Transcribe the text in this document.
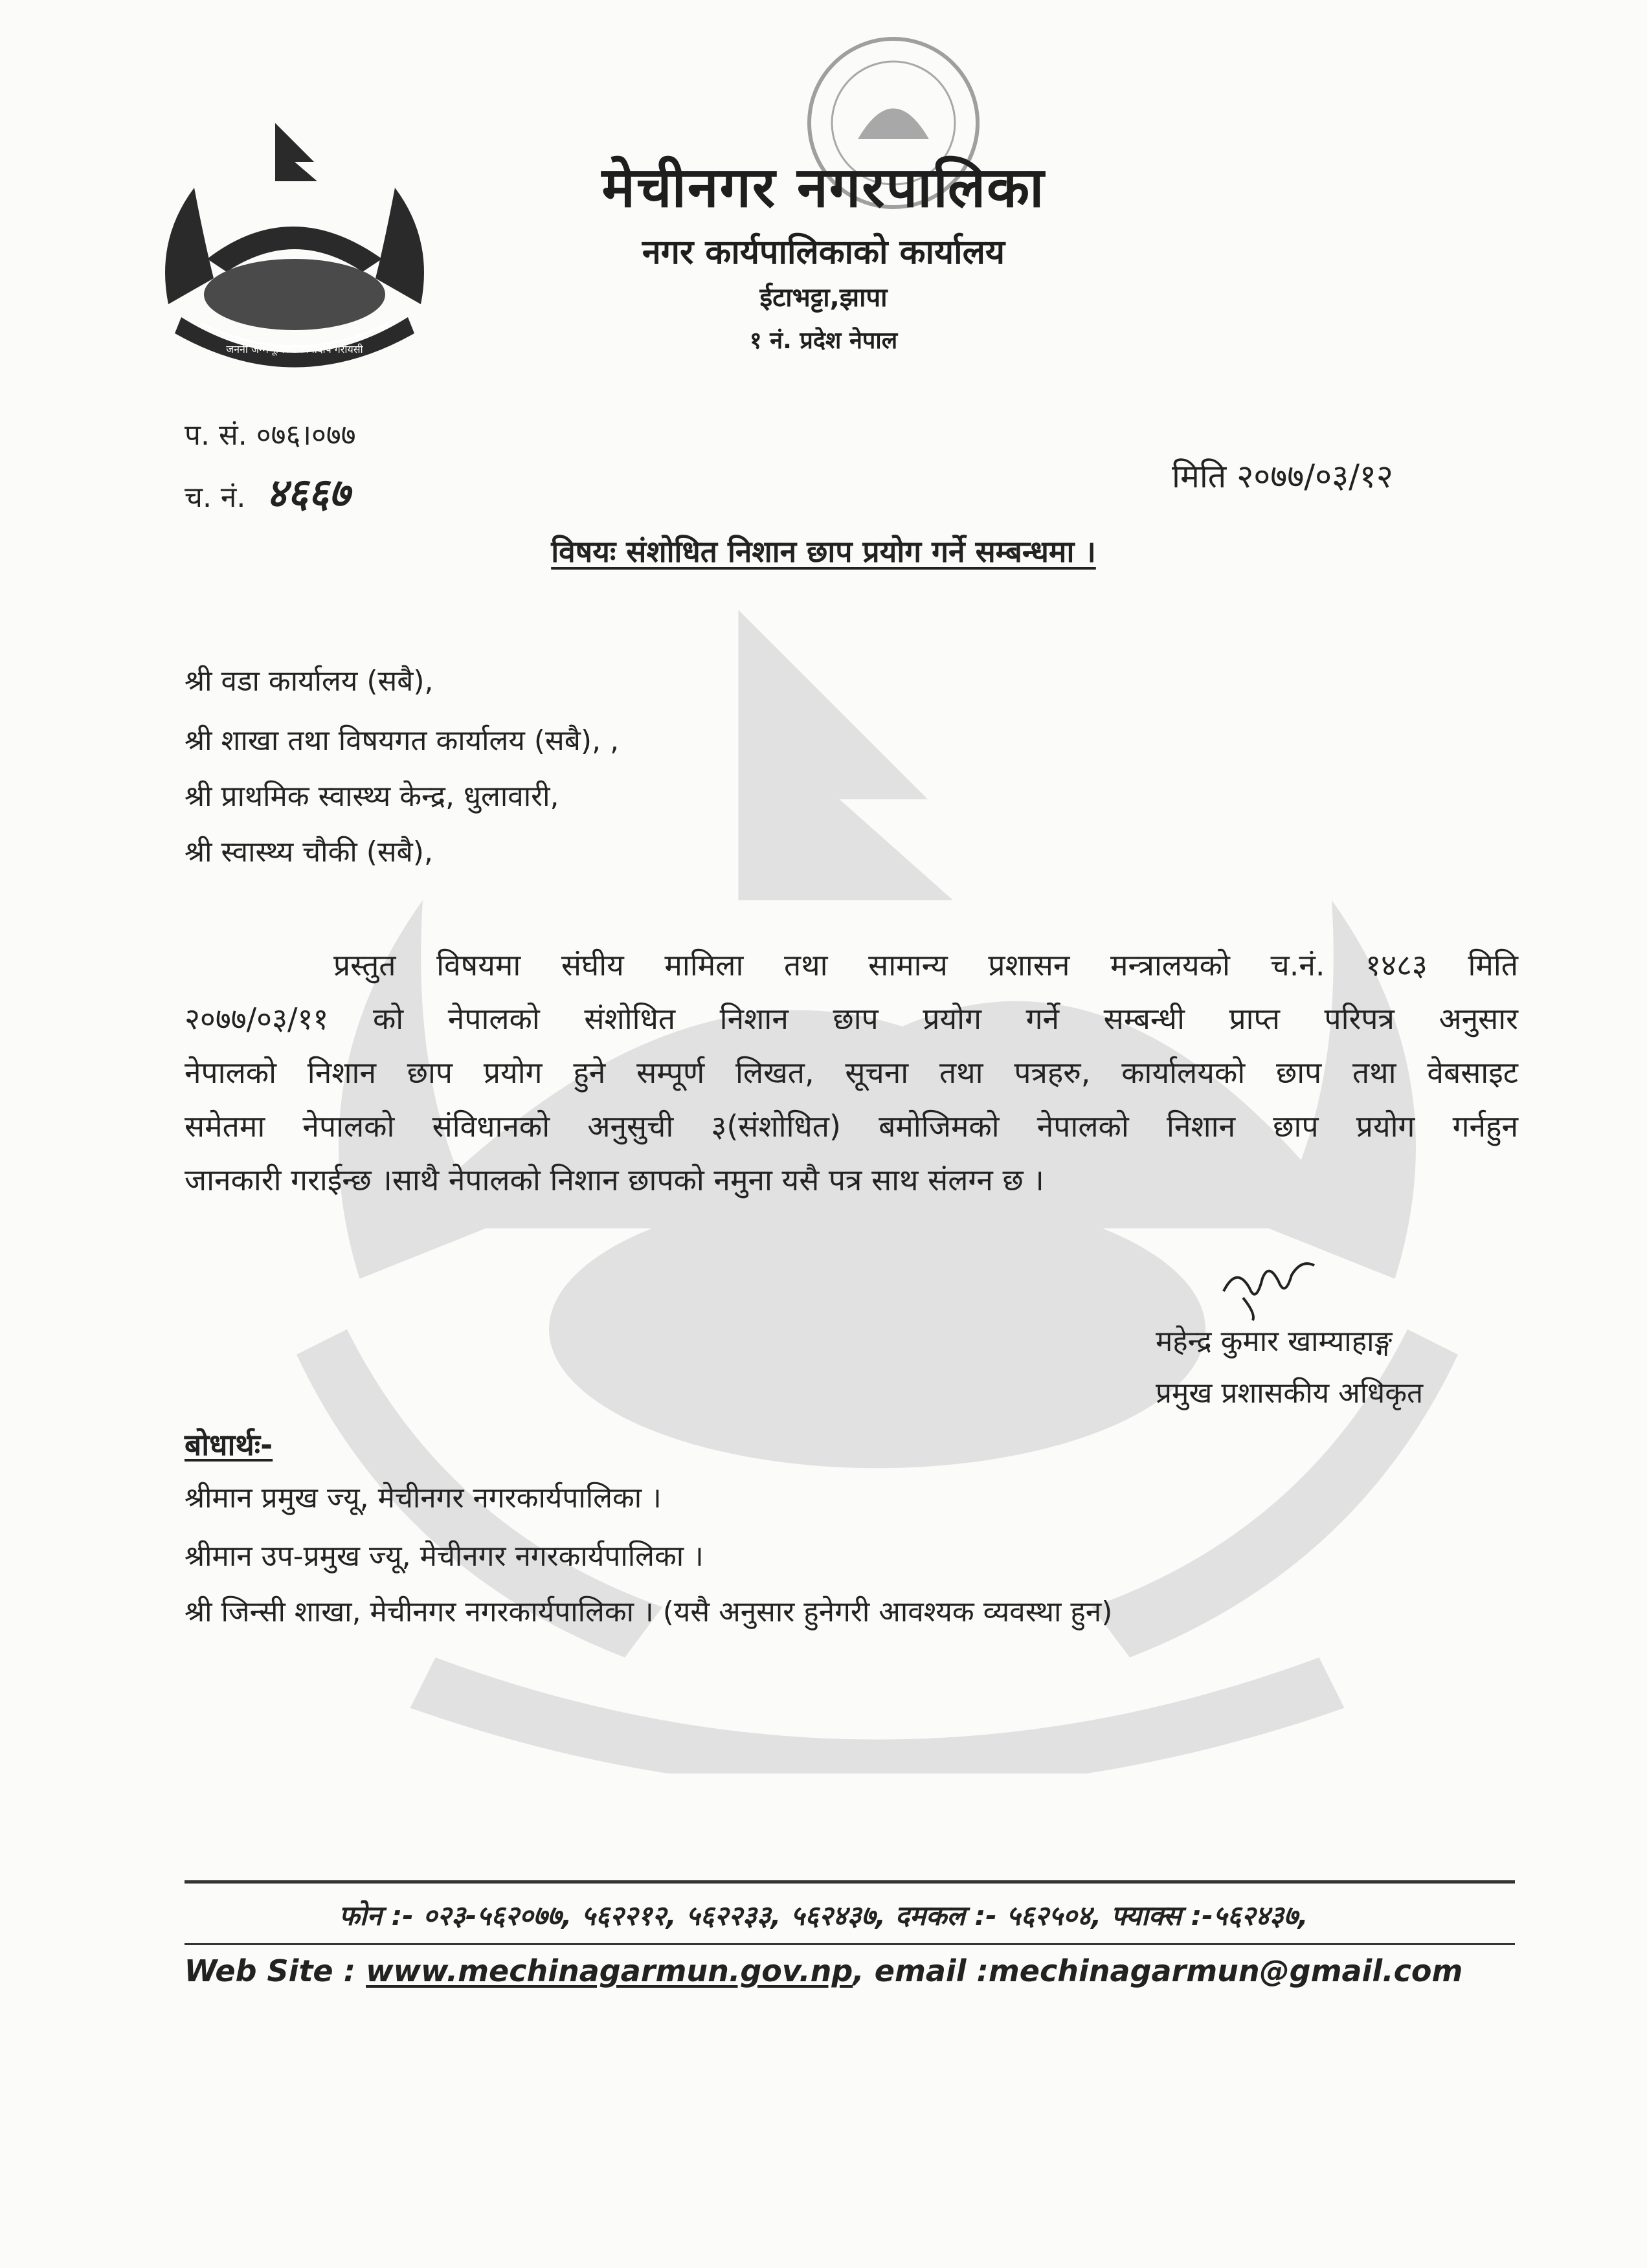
जननी जन्मभूमिश्च स्वर्गादपि गरीयसी
मेचीनगर नगरपालिका
नगर कार्यपालिकाको कार्यालय
ईटाभट्टा,झापा
१ नं. प्रदेश नेपाल
प. सं. ०७६।०७७
च. नं. ४६६७	मिति २०७७/०३/१२
विषयः संशोधित निशान छाप प्रयोग गर्ने सम्बन्धमा ।
श्री वडा कार्यालय (सबै),
श्री शाखा तथा विषयगत कार्यालय (सबै), ,
श्री प्राथमिक स्वास्थ्य केन्द्र, धुलावारी,
श्री स्वास्थ्य चौकी (सबै),
प्रस्तुत विषयमा संघीय मामिला तथा सामान्य प्रशासन मन्त्रालयको च.नं. १४८३ मिति
२०७७/०३/११ को नेपालको संशोधित निशान छाप प्रयोग गर्ने सम्बन्धी प्राप्त परिपत्र अनुसार
नेपालको निशान छाप प्रयोग हुने सम्पूर्ण लिखत, सूचना तथा पत्रहरु, कार्यालयको छाप तथा वेबसाइट
समेतमा नेपालको संविधानको अनुसुची ३(संशोधित) बमोजिमको नेपालको निशान छाप प्रयोग गर्नहुन
जानकारी गराईन्छ ।साथै नेपालको निशान छापको नमुना यसै पत्र साथ संलग्न छ ।
महेन्द्र कुमार खाम्याहाङ्ग
प्रमुख प्रशासकीय अधिकृत
बोधार्थः-
श्रीमान प्रमुख ज्यू, मेचीनगर नगरकार्यपालिका ।
श्रीमान उप-प्रमुख ज्यू, मेचीनगर नगरकार्यपालिका ।
श्री जिन्सी शाखा, मेचीनगर नगरकार्यपालिका । (यसै अनुसार हुनेगरी आवश्यक व्यवस्था हुन)
फोन :- ०२३-५६२०७७, ५६२२१२, ५६२२३३, ५६२४३७, दमकल :- ५६२५०४, फ्याक्स :-५६२४३७,
Web Site : www.mechinagarmun.gov.np, email :mechinagarmun@gmail.com
